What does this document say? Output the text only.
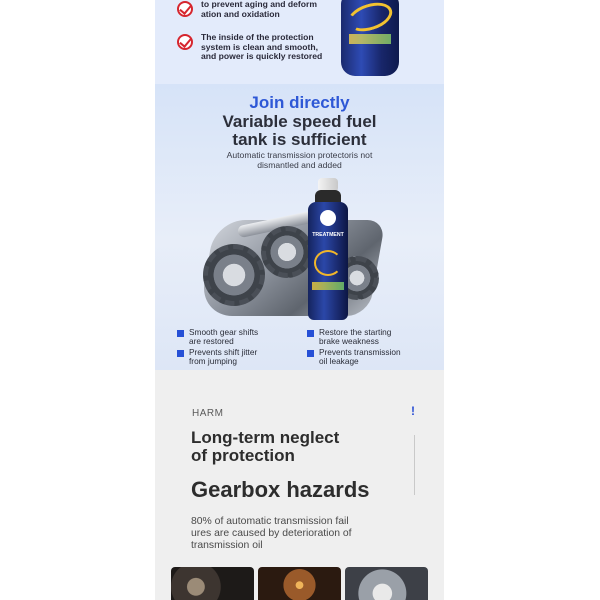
to prevent aging and deform
ation and oxidation
The inside of the protection
system is clean and smooth,
and power is quickly restored
Join directly
Variable speed fuel
tank is sufficient
Automatic transmission protectoris not
dismantled and added
TREATMENT
Smooth gear shifts
are restored
Restore the starting
brake weakness
Prevents shift jitter
from jumping
Prevents transmission
oil leakage
HARM	!
Long-term neglect
of protection
Gearbox hazards
80% of automatic transmission fail
ures are caused by deterioration of
transmission oil
